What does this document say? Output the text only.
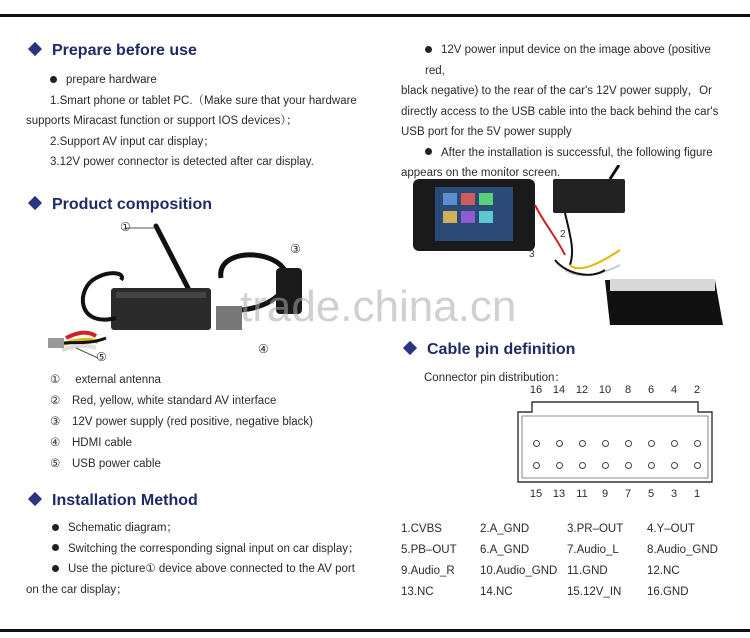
Prepare before use
prepare hardware
1.Smart phone or tablet PC.（Make sure that your hardware
supports Miracast function or support IOS devices）；
2.Support AV input car display；
3.12V power connector is detected after car display.
Product composition
①
③
④
⑤
① external antenna
② Red, yellow, white standard AV interface
③ 12V power supply (red positive, negative black)
④ HDMI cable
⑤ USB power cable
Installation Method
Schematic diagram；
Switching the corresponding signal input on car display；
Use the picture① device above connected to the AV port
on the car display；
12V power input device on the image above (positive red,
black negative) to the rear of the car's 12V power supply，Or
directly access to the USB cable into the back behind the car's
USB port for the 5V power supply
After the installation is successful, the following figure
appears on the monitor screen.
2
3
Cable pin definition
Connector pin distribution：
16 14 12 10	8	6	4	2
15 13 11	9	7	5	3	1
1.CVBS	2.A_GND	3.PR–OUT 4.Y–OUT
5.PB–OUT 6.A_GND	7.Audio_L 8.Audio_GND
9.Audio_R 10.Audio_GND 11.GND	12.NC
13.NC	14.NC	15.12V_IN 16.GND
trade.china.cn
